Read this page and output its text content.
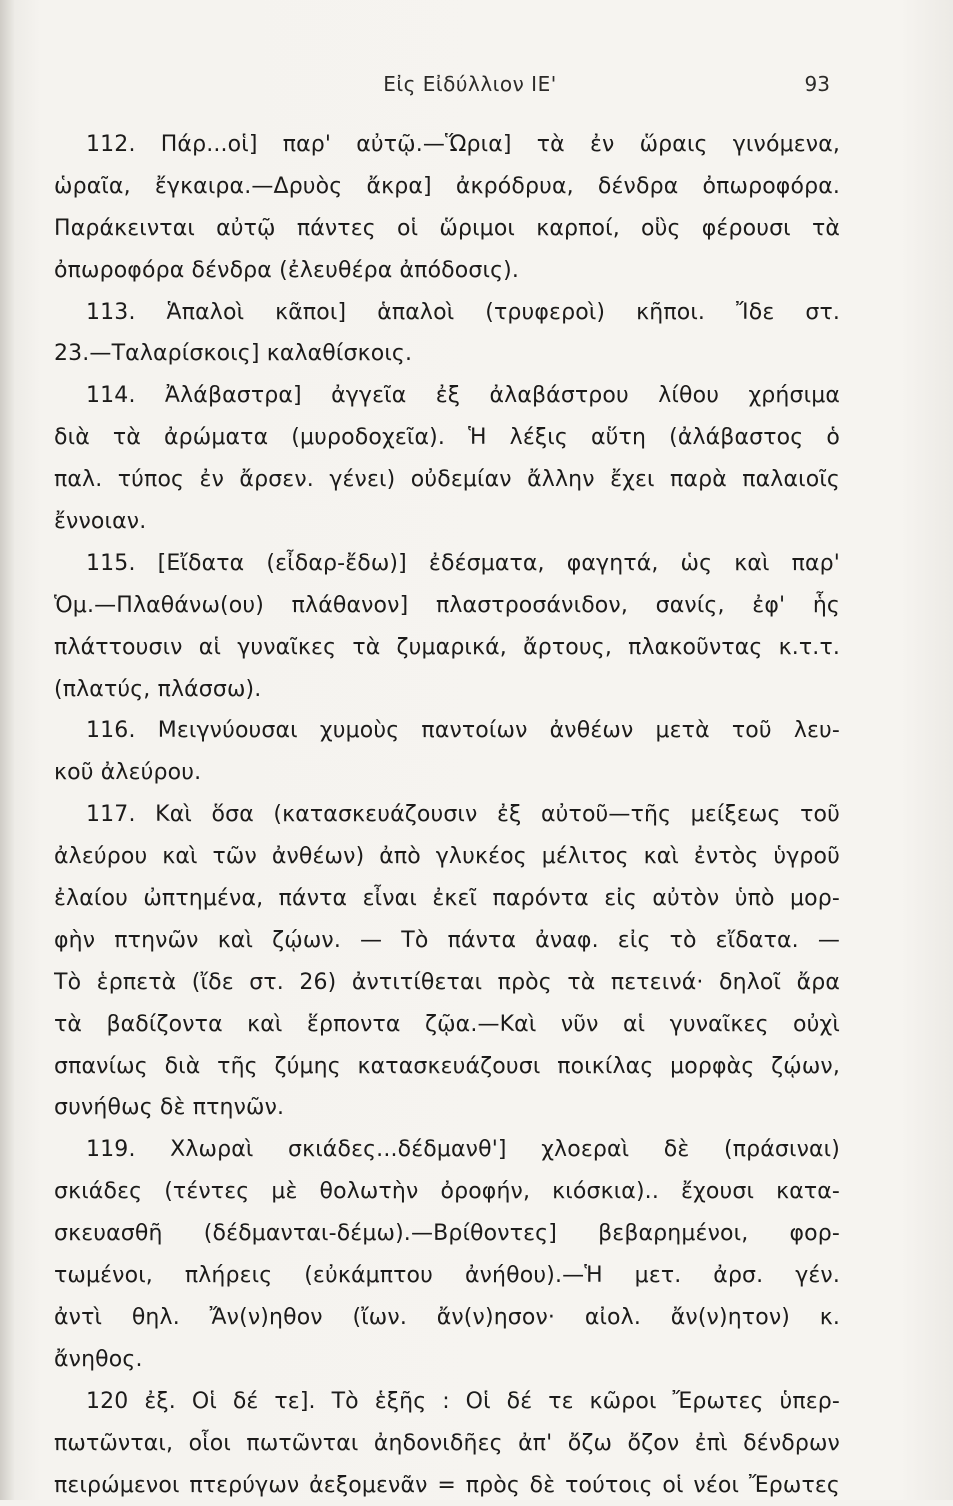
Εἰς Εἰδύλλιον ΙΕ'	93
112. Πάρ...οἱ] παρ' αὐτῷ.—Ὥρια] τὰ ἐν ὥραις γινόμενα,
ὡραῖα, ἔγκαιρα.—Δρυὸς ἄκρα] ἀκρόδρυα, δένδρα ὀπωροφόρα.
Παράκεινται αὐτῷ πάντες οἱ ὥριμοι καρποί, οὓς φέρουσι τὰ
ὀπωροφόρα δένδρα (ἐλευθέρα ἀπόδοσις).
113. Ἁπαλοὶ κᾶποι] ἁπαλοὶ (τρυφεροὶ) κῆποι. Ἴδε στ.
23.—Ταλαρίσκοις] καλαθίσκοις.
114. Ἀλάβαστρα] ἀγγεῖα ἐξ ἀλαβάστρου λίθου χρήσιμα
διὰ τὰ ἀρώματα (μυροδοχεῖα). Ἡ λέξις αὕτη (ἀλάβαστος ὁ
παλ. τύπος ἐν ἄρσεν. γένει) οὐδεμίαν ἄλλην ἔχει παρὰ παλαιοῖς
ἔννοιαν.
115. [Εἴδατα (εἶδαρ-ἔδω)] ἐδέσματα, φαγητά, ὡς καὶ παρ'
Ὁμ.—Πλαθάνω(ου) πλάθανον] πλαστροσάνιδον, σανίς, ἐφ' ἧς
πλάττουσιν αἱ γυναῖκες τὰ ζυμαρικά, ἄρτους, πλακοῦντας κ.τ.τ.
(πλατύς, πλάσσω).
116. Μειγνύουσαι χυμοὺς παντοίων ἀνθέων μετὰ τοῦ λευ-
κοῦ ἀλεύρου.
117. Καὶ ὅσα (κατασκευάζουσιν ἐξ αὐτοῦ—τῆς μείξεως τοῦ
ἀλεύρου καὶ τῶν ἀνθέων) ἀπὸ γλυκέος μέλιτος καὶ ἐντὸς ὑγροῦ
ἐλαίου ὠπτημένα, πάντα εἶναι ἐκεῖ παρόντα εἰς αὐτὸν ὑπὸ μορ-
φὴν πτηνῶν καὶ ζῴων. — Τὸ πάντα ἀναφ. εἰς τὸ εἴδατα. —
Τὸ ἑρπετὰ (ἴδε στ. 26) ἀντιτίθεται πρὸς τὰ πετεινά· δηλοῖ ἄρα
τὰ βαδίζοντα καὶ ἕρποντα ζῷα.—Καὶ νῦν αἱ γυναῖκες οὐχὶ
σπανίως διὰ τῆς ζύμης κατασκευάζουσι ποικίλας μορφὰς ζῴων,
συνήθως δὲ πτηνῶν.
119. Χλωραὶ σκιάδες...δέδμανθ'] χλοεραὶ δὲ (πράσιναι)
σκιάδες (τέντες μὲ θολωτὴν ὀροφήν, κιόσκια).. ἔχουσι κατα-
σκευασθῆ (δέδμανται-δέμω).—Βρίθοντες] βεβαρημένοι, φορ-
τωμένοι, πλήρεις (εὐκάμπτου ἀνήθου).—Ἡ μετ. ἀρσ. γέν.
ἀντὶ θηλ. Ἄν(ν)ηθον (ἴων. ἄν(ν)ησον· αἰολ. ἄν(ν)ητον) κ.
ἄνηθος.
120 ἐξ. Οἱ δέ τε]. Τὸ ἑξῆς : Οἱ δέ τε κῶροι Ἔρωτες ὑπερ-
πωτῶνται, οἷοι πωτῶνται ἀηδονιδῆες ἀπ' ὄζω ὄζον ἐπὶ δένδρων
πειρώμενοι πτερύγων ἀεξομενᾶν = πρὸς δὲ τούτοις οἱ νέοι Ἔρωτες
